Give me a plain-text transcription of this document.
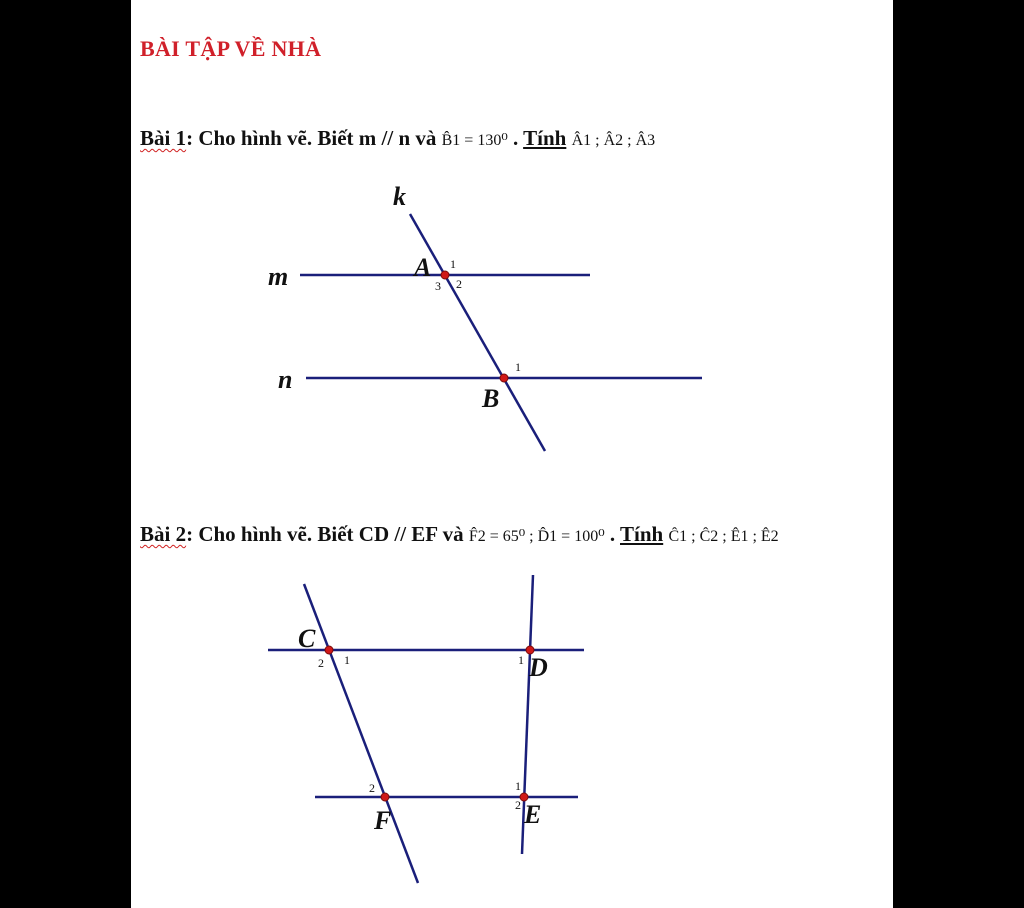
BÀI TẬP VỀ NHÀ
Bài 1: Cho hình vẽ. Biết m // n và B̂1 = 130⁰ . Tính Â1 ; Â2 ; Â3
Bài 2: Cho hình vẽ. Biết CD // EF và F̂2 = 65⁰ ; D̂1 = 100⁰ . Tính Ĉ1 ; Ĉ2 ; Ê1 ; Ê2
k
m
n
A
B
1
2
3
1
C
D
E
F
1
2	1
2	1
2
